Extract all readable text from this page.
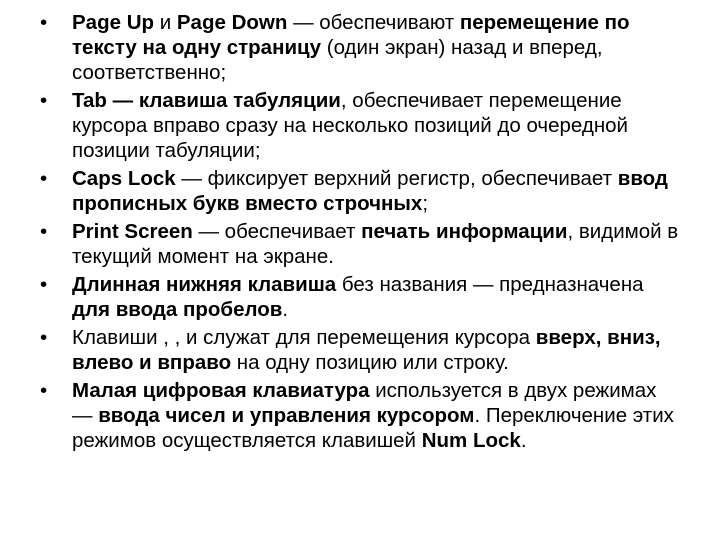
• Page Up и Page Down — обеспечивают перемещение по тексту на одну страницу (один экран) назад и вперед, соответственно;
• Tab — клавиша табуляции, обеспечивает перемещение курсора вправо сразу на несколько позиций до очередной позиции табуляции;
• Caps Lock — фиксирует верхний регистр, обеспечивает ввод прописных букв вместо строчных;
• Print Screen — обеспечивает печать информации, видимой в текущий момент на экране.
• Длинная нижняя клавиша без названия — предназначена для ввода пробелов.
• Клавиши , , и служат для перемещения курсора вверх, вниз, влево и вправо на одну позицию или строку.
• Малая цифровая клавиатура используется в двух режимах — ввода чисел и управления курсором. Переключение этих режимов осуществляется клавишей Num Lock.
